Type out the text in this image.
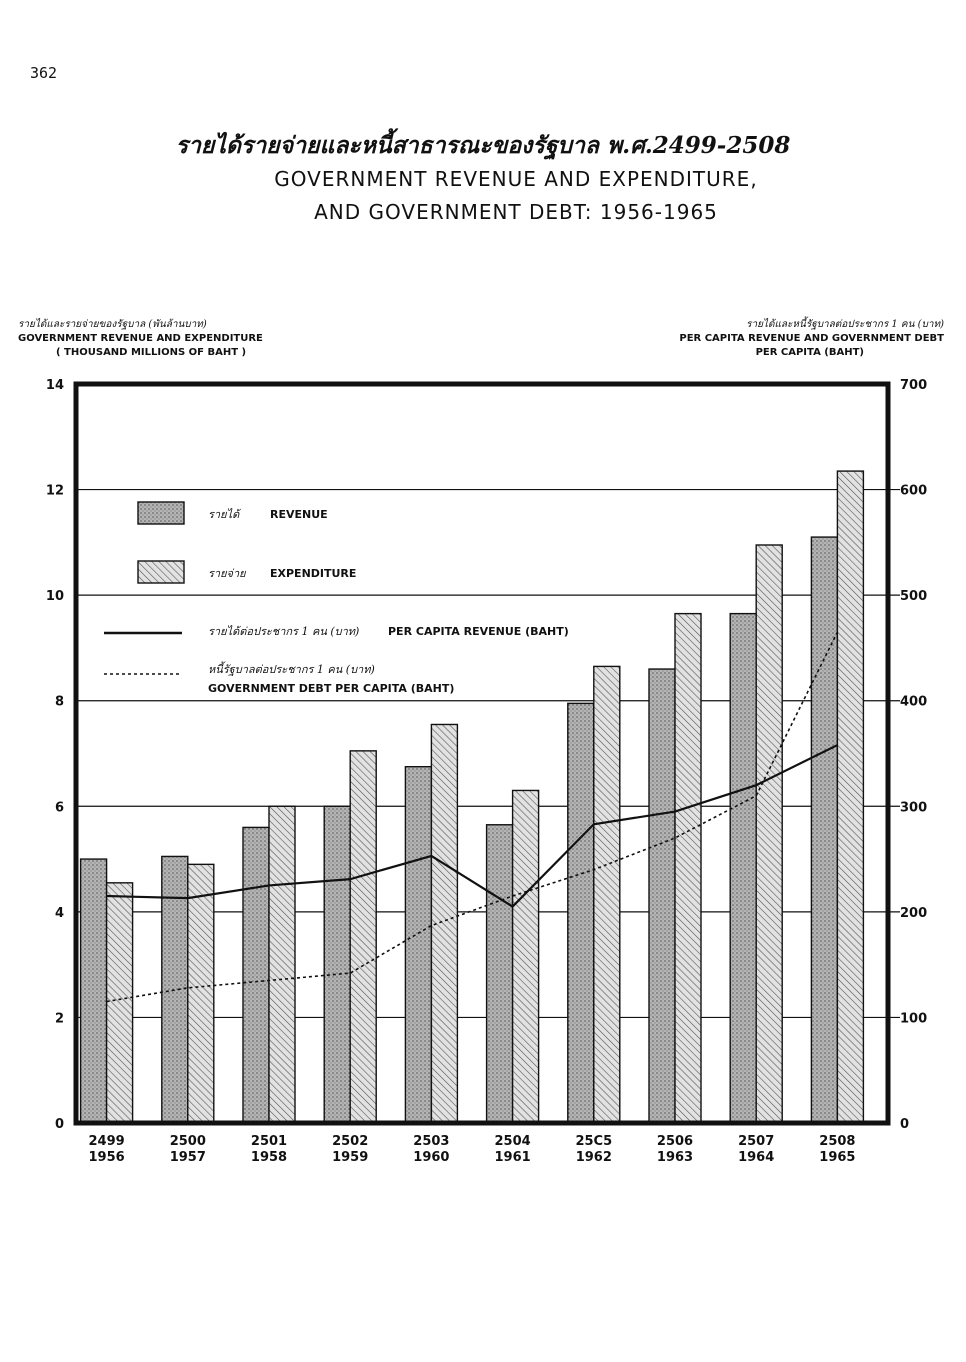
362
รายได้รายจ่ายและหนี้สาธารณะของรัฐบาล พ.ศ.2499-2508
GOVERNMENT REVENUE AND EXPENDITURE,
AND GOVERNMENT DEBT: 1956-1965
รายได้และรายจ่ายของรัฐบาล (พันล้านบาท)
GOVERNMENT REVENUE AND EXPENDITURE
( THOUSAND MILLIONS OF BAHT )
รายได้และหนี้รัฐบาลต่อประชากร 1 คน (บาท)
PER CAPITA REVENUE AND GOVERNMENT DEBT
PER CAPITA (BAHT)
0
2
4
6
8
10
12
14
0
100
200
300
400
500
600
700
2499
1956
2500
1957
2501
1958
2502
1959
2503
1960
2504
1961
25C5
1962
2506
1963
2507
1964
2508
1965
รายได้	REVENUE
รายจ่าย EXPENDITURE
รายได้ต่อประชากร 1 คน (บาท)	PER CAPITA REVENUE (BAHT)
หนี้รัฐบาลต่อประชากร 1 คน (บาท)
GOVERNMENT DEBT PER CAPITA (BAHT)
